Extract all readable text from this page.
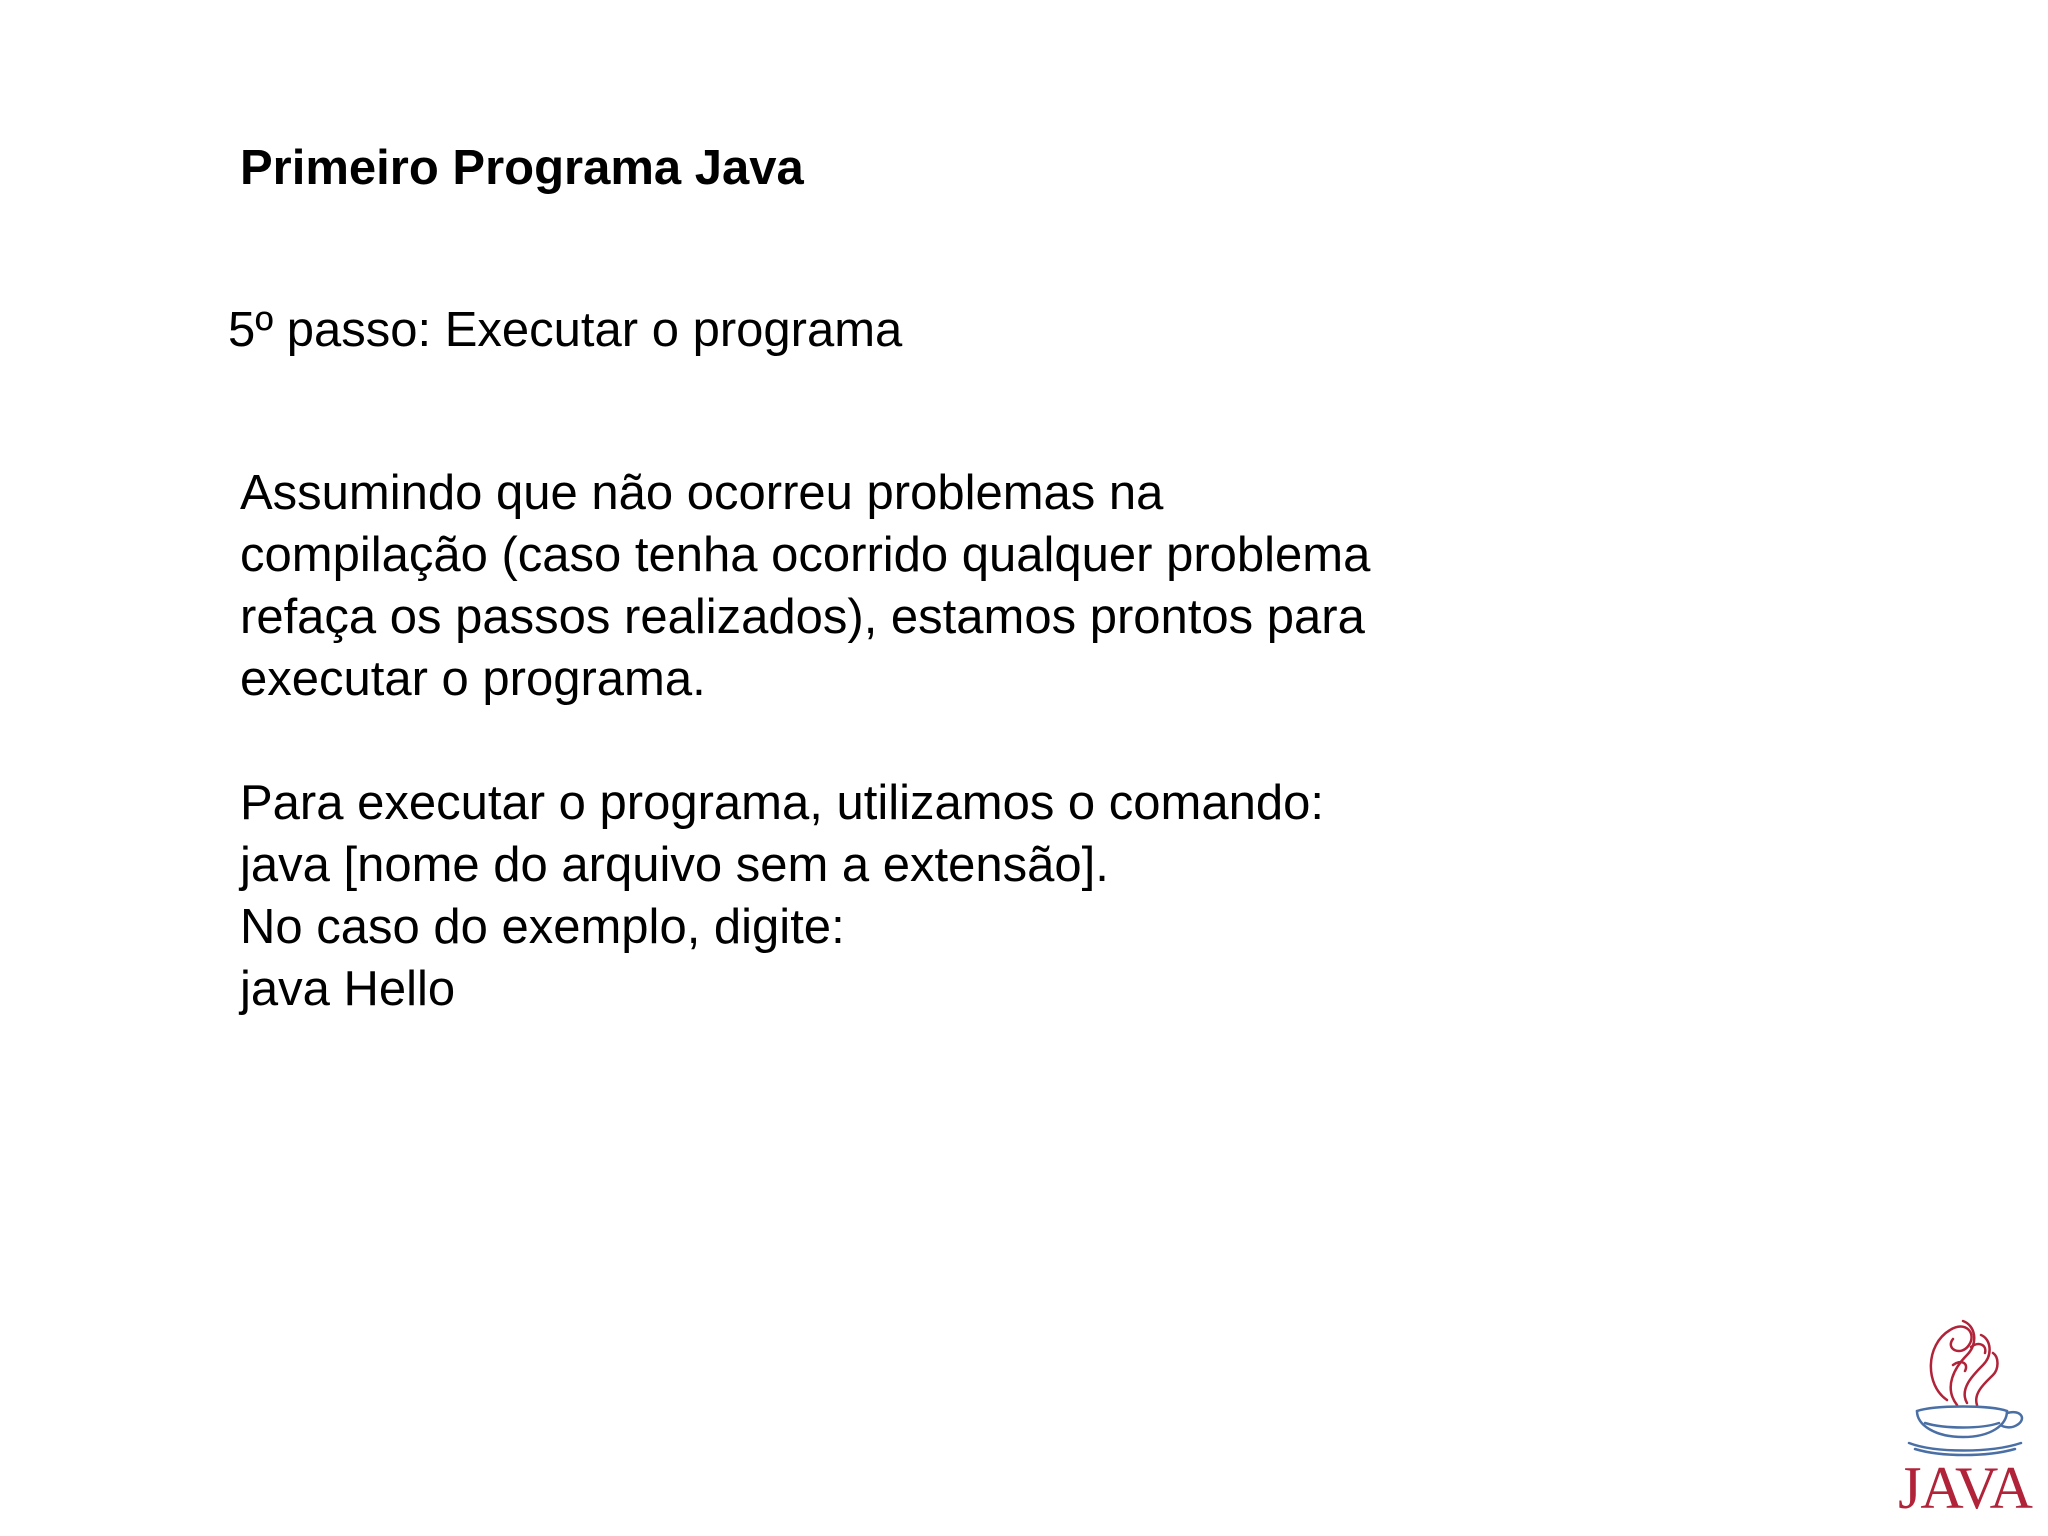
Primeiro Programa Java
5º passo: Executar o programa

Assumindo que não ocorreu problemas na
compilação (caso tenha ocorrido qualquer problema
refaça os passos realizados), estamos prontos para
executar o programa.

Para executar o programa, utilizamos o comando:
java [nome do arquivo sem a extensão].
No caso do exemplo, digite:
java Hello

JAVA
